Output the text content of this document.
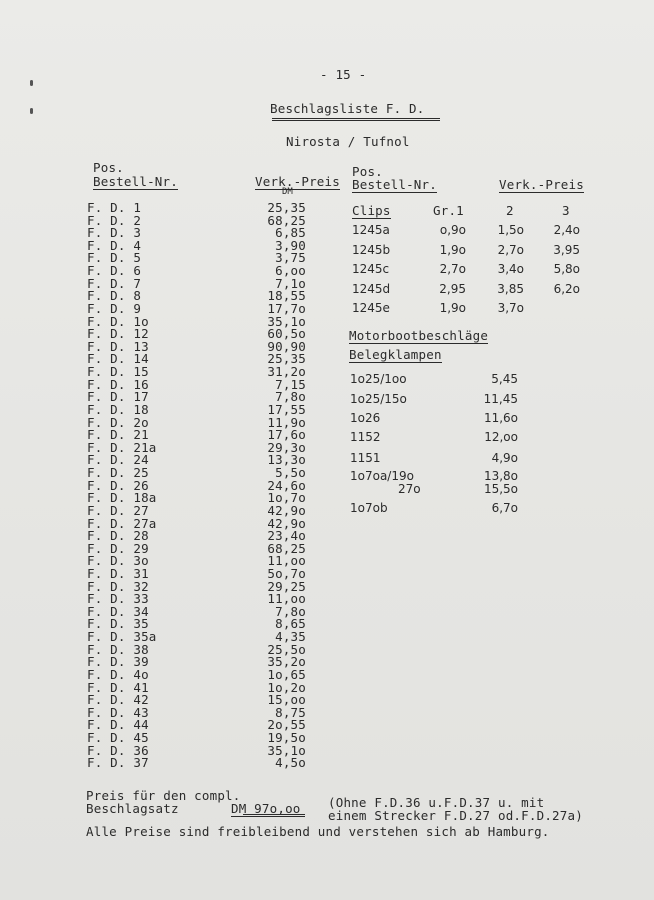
- 15 -
Beschlagsliste F. D.
Nirosta / Tufnol
Pos.
Bestell-Nr.	Verk.-Preis
DM
F. D. 1	25,35
F. D. 2	68,25
F. D. 3	6,85
F. D. 4	3,90
F. D. 5	3,75
F. D. 6	6,oo
F. D. 7	7,1o
F. D. 8	18,55
F. D. 9	17,7o
F. D. 1o	35,1o
F. D. 12	60,5o
F. D. 13	90,90
F. D. 14	25,35
F. D. 15	31,2o
F. D. 16	7,15
F. D. 17	7,8o
F. D. 18	17,55
F. D. 2o	11,9o
F. D. 21	17,6o
F. D. 21a	29,3o
F. D. 24	13,3o
F. D. 25	5,5o
F. D. 26	24,6o
F. D. 18a	1o,7o
F. D. 27	42,9o
F. D. 27a	42,9o
F. D. 28	23,4o
F. D. 29	68,25
F. D. 3o	11,oo
F. D. 31	5o,7o
F. D. 32	29,25
F. D. 33	11,oo
F. D. 34	7,8o
F. D. 35	8,65
F. D. 35a	4,35
F. D. 38	25,5o
F. D. 39	35,2o
F. D. 4o	1o,65
F. D. 41	1o,2o
F. D. 42	15,oo
F. D. 43	8,75
F. D. 44	2o,55
F. D. 45	19,5o
F. D. 36	35,1o
F. D. 37	4,5o
Pos.
Bestell-Nr.	Verk.-Preis
Clips	Gr.1	2	3
1245a	o,9o	1,5o	2,4o
1245b	1,9o	2,7o	3,95
1245c	2,7o	3,4o	5,8o
1245d	2,95	3,85	6,2o
1245e	1,9o	3,7o
Motorbootbeschläge
Belegklampen
1o25/1oo	5,45
1o25/15o	11,45
1o26	11,6o
1152	12,oo
1151	4,9o
1o7oa/19o	13,8o
27o	15,5o
1o7ob	6,7o
Preis für den compl.
Beschlagsatz	DM 97o,oo (Ohne F.D.36 u.F.D.37 u. mit
einem Strecker F.D.27 od.F.D.27a)
Alle Preise sind freibleibend und verstehen sich ab Hamburg.
